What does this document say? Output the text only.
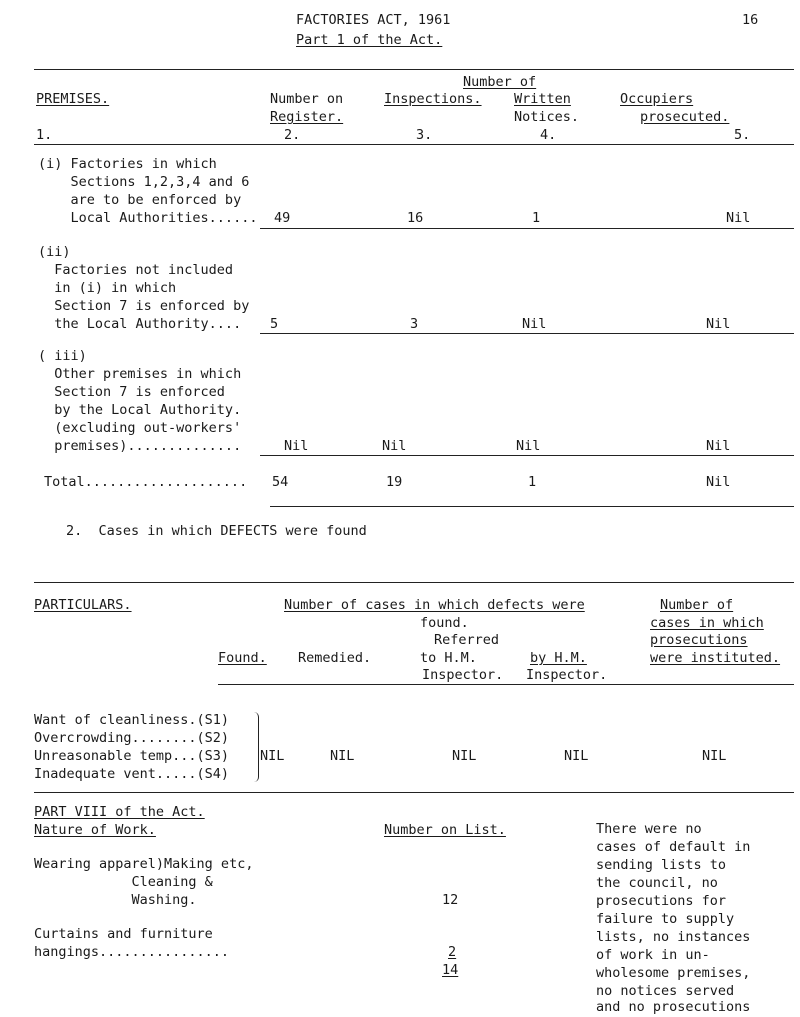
FACTORIES ACT, 1961
Part 1 of the Act.
16
Number of
PREMISES.	Number on
Register.
Inspections. Written
Notices.
Occupiers
prosecuted.
1.	2.	3.	4.	5.
(i) Factories in which
Sections 1,2,3,4 and 6
are to be enforced by
Local Authorities...... 49	16	1	Nil
(ii)
Factories not included
in (i) in which
Section 7 is enforced by
the Local Authority.... 5	3	Nil	Nil
( iii)
Other premises in which
Section 7 is enforced
by the Local Authority.
(excluding out-workers'
premises)..............	Nil	Nil	Nil	Nil
Total.................... 54	19	1	Nil
2.  Cases in which DEFECTS were found
PARTICULARS.	Number of cases in which defects were
found.
Referred
Found. Remedied.	to H.M.	by H.M.
Inspector. Inspector.
Number of
cases in which
prosecutions
were instituted.
Want of cleanliness.(S1)
Overcrowding........(S2)
Unreasonable temp...(S3)
Inadequate vent.....(S4)
NIL	NIL	NIL	NIL	NIL
PART VIII of the Act.
Nature of Work.	Number on List.
Wearing apparel)Making etc,
Cleaning &
Washing.	12
Curtains and furniture
hangings................	2
14
There were no
cases of default in
sending lists to
the council, no
prosecutions for
failure to supply
lists, no instances
of work in un-
wholesome premises,
no notices served
and no prosecutions
